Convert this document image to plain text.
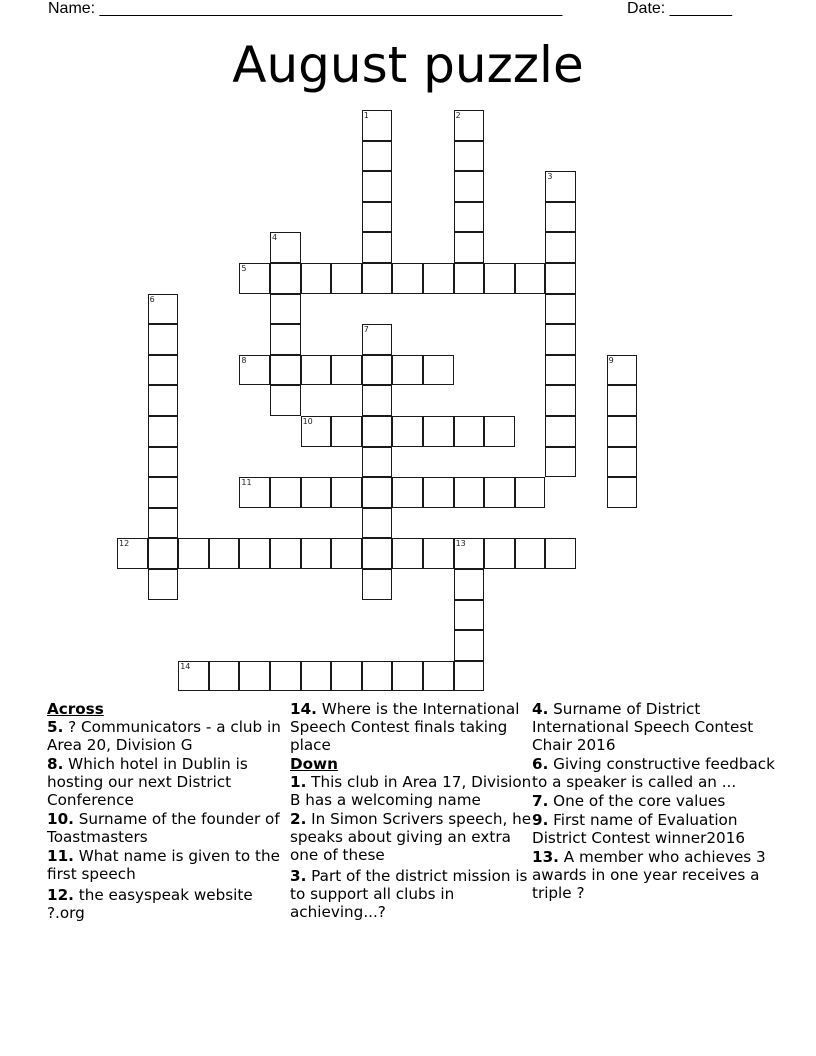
Name: ____________________________________________________	Date: _______
August puzzle
1	2
3
4
5
6
7
8	9
10
11
12	13
14
Across
5. ? Communicators - a club in Area 20, Division G
8. Which hotel in Dublin is hosting our next District Conference
10. Surname of the founder of Toastmasters
11. What name is given to the first speech
12. the easyspeak website ?.org
14. Where is the International Speech Contest finals taking place
Down
1. This club in Area 17, Division B has a welcoming name
2. In Simon Scrivers speech, he speaks about giving an extra one of these
3. Part of the district mission is to support all clubs in achieving...?
4. Surname of District International Speech Contest Chair 2016
6. Giving constructive feedback to a speaker is called an ...
7. One of the core values
9. First name of Evaluation District Contest winner2016
13. A member who achieves 3 awards in one year receives a triple ?
